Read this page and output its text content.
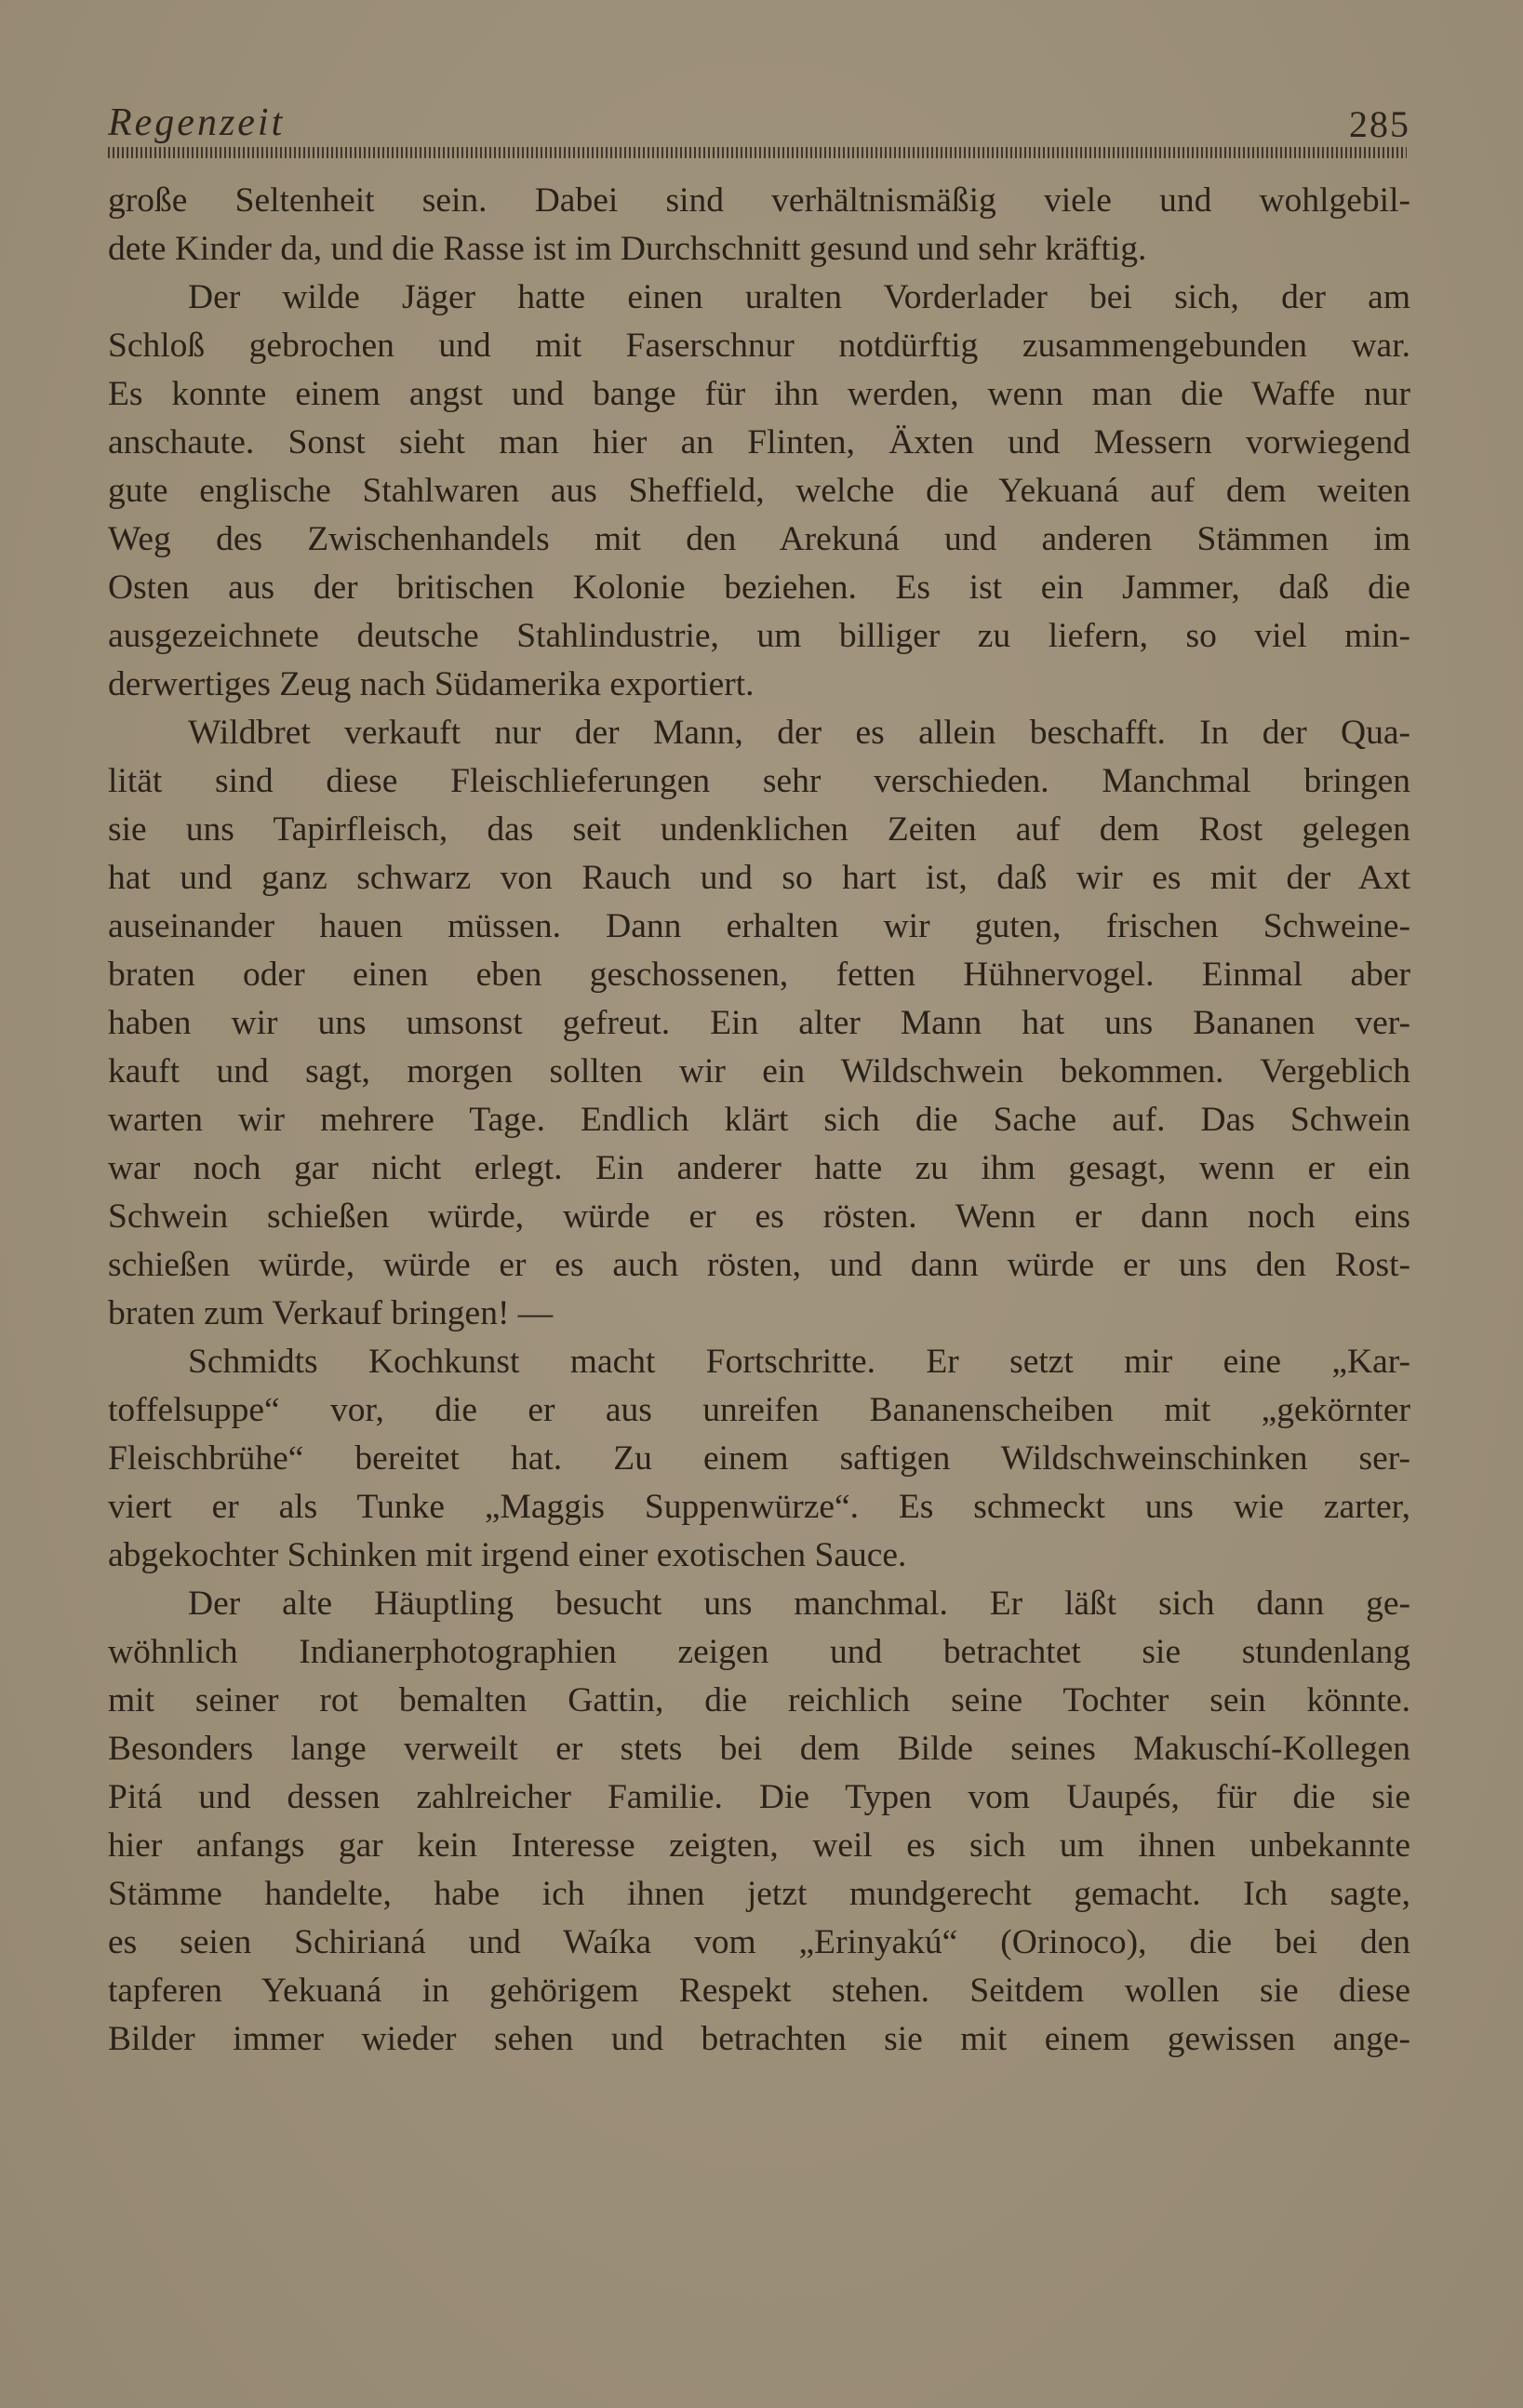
Regenzeit	285
große Seltenheit sein. Dabei sind verhältnismäßig viele und wohlgebil-
dete Kinder da, und die Rasse ist im Durchschnitt gesund und sehr kräftig.
Der wilde Jäger hatte einen uralten Vorderlader bei sich, der am
Schloß gebrochen und mit Faserschnur notdürftig zusammengebunden war.
Es konnte einem angst und bange für ihn werden, wenn man die Waffe nur
anschaute. Sonst sieht man hier an Flinten, Äxten und Messern vorwiegend
gute englische Stahlwaren aus Sheffield, welche die Yekuaná auf dem weiten
Weg des Zwischenhandels mit den Arekuná und anderen Stämmen im
Osten aus der britischen Kolonie beziehen. Es ist ein Jammer, daß die
ausgezeichnete deutsche Stahlindustrie, um billiger zu liefern, so viel min-
derwertiges Zeug nach Südamerika exportiert.
Wildbret verkauft nur der Mann, der es allein beschafft. In der Qua-
lität sind diese Fleischlieferungen sehr verschieden. Manchmal bringen
sie uns Tapirfleisch, das seit undenklichen Zeiten auf dem Rost gelegen
hat und ganz schwarz von Rauch und so hart ist, daß wir es mit der Axt
auseinander hauen müssen. Dann erhalten wir guten, frischen Schweine-
braten oder einen eben geschossenen, fetten Hühnervogel. Einmal aber
haben wir uns umsonst gefreut. Ein alter Mann hat uns Bananen ver-
kauft und sagt, morgen sollten wir ein Wildschwein bekommen. Vergeblich
warten wir mehrere Tage. Endlich klärt sich die Sache auf. Das Schwein
war noch gar nicht erlegt. Ein anderer hatte zu ihm gesagt, wenn er ein
Schwein schießen würde, würde er es rösten. Wenn er dann noch eins
schießen würde, würde er es auch rösten, und dann würde er uns den Rost-
braten zum Verkauf bringen! —
Schmidts Kochkunst macht Fortschritte. Er setzt mir eine „Kar-
toffelsuppe“ vor, die er aus unreifen Bananenscheiben mit „gekörnter
Fleischbrühe“ bereitet hat. Zu einem saftigen Wildschweinschinken ser-
viert er als Tunke „Maggis Suppenwürze“. Es schmeckt uns wie zarter,
abgekochter Schinken mit irgend einer exotischen Sauce.
Der alte Häuptling besucht uns manchmal. Er läßt sich dann ge-
wöhnlich Indianerphotographien zeigen und betrachtet sie stundenlang
mit seiner rot bemalten Gattin, die reichlich seine Tochter sein könnte.
Besonders lange verweilt er stets bei dem Bilde seines Makuschí-Kollegen
Pitá und dessen zahlreicher Familie. Die Typen vom Uaupés, für die sie
hier anfangs gar kein Interesse zeigten, weil es sich um ihnen unbekannte
Stämme handelte, habe ich ihnen jetzt mundgerecht gemacht. Ich sagte,
es seien Schirianá und Waíka vom „Erinyakú“ (Orinoco), die bei den
tapferen Yekuaná in gehörigem Respekt stehen. Seitdem wollen sie diese
Bilder immer wieder sehen und betrachten sie mit einem gewissen ange-
